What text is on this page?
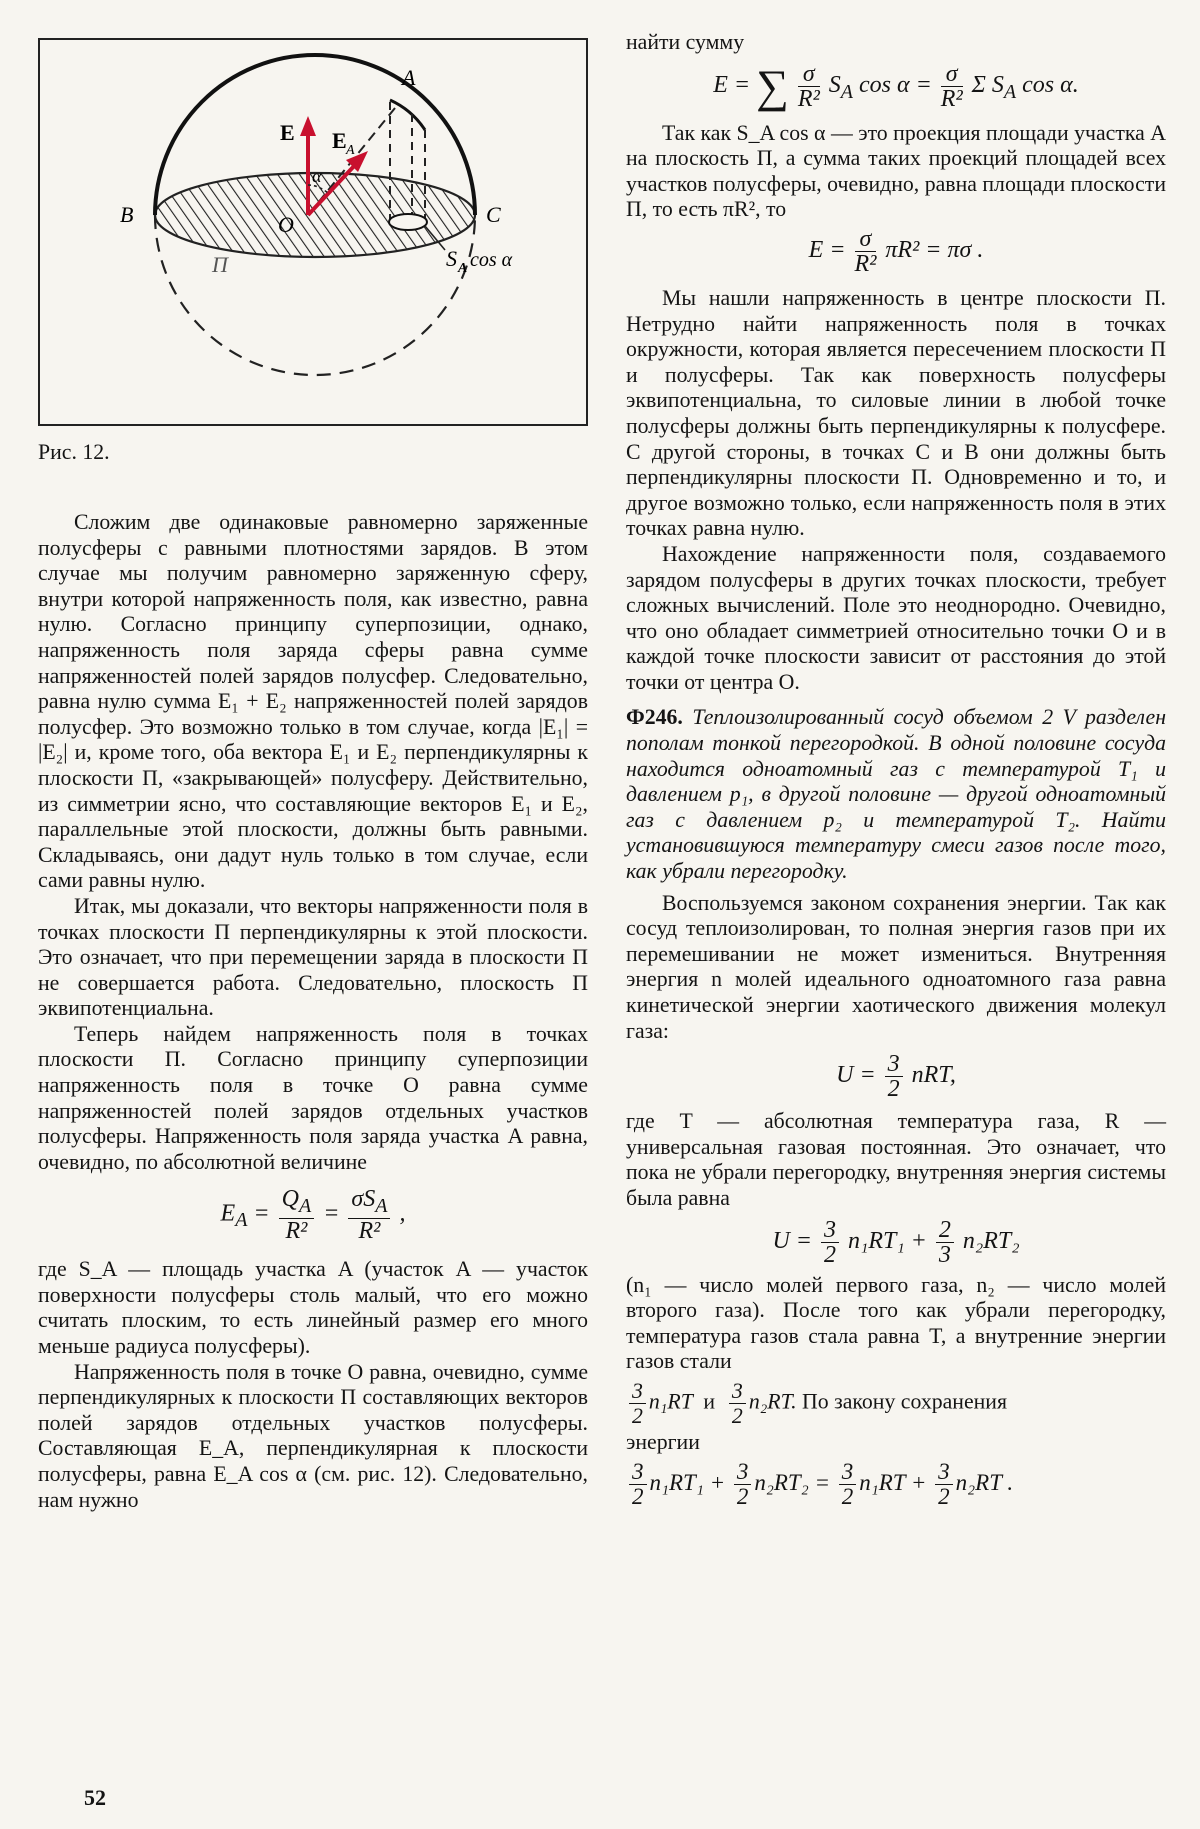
A
B	C
O
E E A
α
Π	S A cos α
Рис. 12.

Сложим две одинаковые равномерно заряженные полусферы с равными плотностями зарядов. В этом случае мы получим равномерно заряженную сферу, внутри которой напряженность поля, как известно, равна нулю. Согласно принципу суперпозиции, однако, напряженность поля заряда сферы равна сумме напряженностей полей зарядов полусфер. Следовательно, равна нулю сумма E₁ + E₂ напряженностей полей зарядов полусфер. Это возможно только в том случае, когда |E₁| = |E₂| и, кроме того, оба вектора E₁ и E₂ перпендикулярны к плоскости Π, «закрывающей» полусферу. Действительно, из симметрии ясно, что составляющие векторов E₁ и E₂, параллельные этой плоскости, должны быть равными. Складываясь, они дадут нуль только в том случае, если сами равны нулю.

Итак, мы доказали, что векторы напряженности поля в точках плоскости Π перпендикулярны к этой плоскости. Это означает, что при перемещении заряда в плоскости Π не совершается работа. Следовательно, плоскость Π эквипотенциальна.

Теперь найдем напряженность поля в точках плоскости Π. Согласно принципу суперпозиции напряженность поля в точке O равна сумме напряженностей полей зарядов отдельных участков полусферы. Напряженность поля заряда участка A равна, очевидно, по абсолютной величине

$E_A = \frac{Q_A}{\text{R²}}$ =
$\sigma S_A$
R²
,

где S_A — площадь участка A (участок A — участок поверхности полусферы столь малый, что его можно считать плоским, то есть линейный размер его много меньше радиуса полусферы).

Напряженность поля в точке O равна, очевидно, сумме перпендикулярных к плоскости Π составляющих векторов полей зарядов отдельных участков полусферы. Составляющая E_A, перпендикулярная к плоскости полусферы, равна E_A cos α (см. рис. 12). Следовательно, нам нужно

52

найти сумму

E = ∑ $\frac{\sigma}{\text{R²}} S_A$ $\cos \alpha = \frac{\sigma}{\text{R²}}$ Σ $S_A$ cos α.

Так как S_A cos α — это проекция площади участка A на плоскость Π, а сумма таких проекций площадей всех участков полусферы, очевидно, равна площади плоскости Π, то есть πR², то

$E = \frac{\sigma}{\text{R²}} \pi R^2 = \pi\sigma$ .

Мы нашли напряженность в центре плоскости Π. Нетрудно найти напряженность поля в точках окружности, которая является пересечением плоскости Π и полусферы. Так как поверхность полусферы эквипотенциальна, то силовые линии в любой точке полусферы должны быть перпендикулярны к полусфере. С другой стороны, в точках C и B они должны быть перпендикулярны плоскости Π. Одновременно и то, и другое возможно только, если напряженность поля в этих точках равна нулю.

Нахождение напряженности поля, создаваемого зарядом полусферы в других точках плоскости, требует сложных вычислений. Поле это неоднородно. Очевидно, что оно обладает симметрией относительно точки O и в каждой точке плоскости зависит от расстояния до этой точки от центра O.

Ф246. Теплоизолированный сосуд объемом 2 V разделен пополам тонкой перегородкой. В одной половине сосуда находится одноатомный газ с температурой T₁ и давлением p₁, в другой половине — другой одноатомный газ с давлением p₂ и температурой T₂. Найти установившуюся температуру смеси газов после того, как убрали перегородку.

Воспользуемся законом сохранения энергии. Так как сосуд теплоизолирован, то полная энергия газов при их перемешивании не может измениться. Внутренняя энергия n молей идеального одноатомного газа равна кинетической энергии хаотического движения молекул газа:

$U = \frac{3}{2}$ nRT,

где T — абсолютная температура газа, R — универсальная газовая постоянная. Это означает, что пока не убрали перегородку, внутренняя энергия системы была равна

$U = \frac{3}{2} n_1RT_1 + \frac{2}{3} n_2RT_2$

(n₁ — число молей первого газа, n₂ — число молей второго газа). После того как убрали перегородку, температура газов стала равна T, а внутренние энергии газов стали

$\frac{3}{2} n_1RT$ и $\frac{3}{2} n_2RT$. По закону сохранения

энергии

$\frac{3}{2} n_1RT_1 + \frac{3}{2} n_2RT_2 = \frac{3}{2} n_1RT + \frac{3}{2} n_2RT$ .
